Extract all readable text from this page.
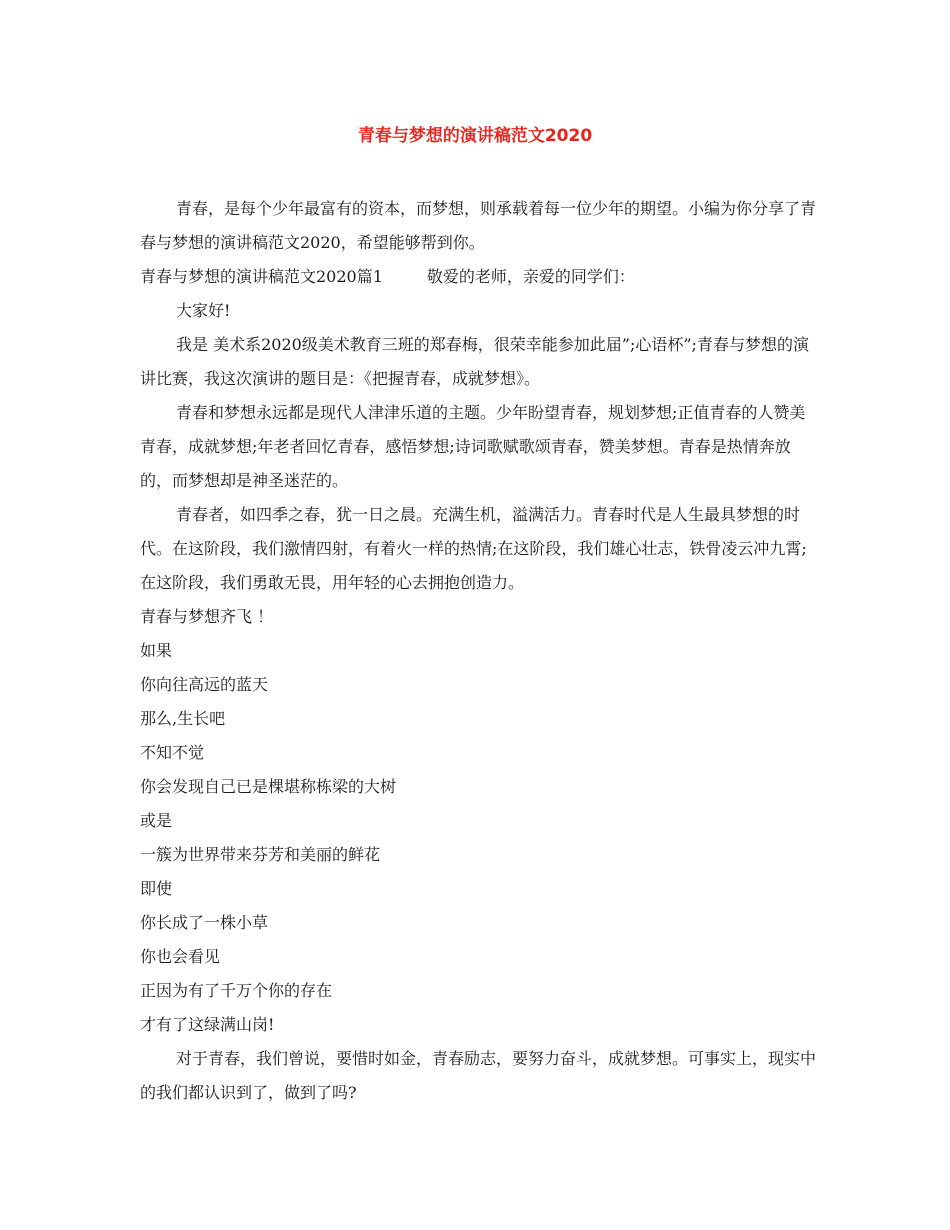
青春与梦想的演讲稿范文2020

青春，是每个少年最富有的资本，而梦想，则承载着每一位少年的期望。小编为你分享了青春与梦想的演讲稿范文2020，希望能够帮到你。

青春与梦想的演讲稿范文2020篇1	敬爱的老师，亲爱的同学们：

大家好!

我是 美术系2020级美术教育三班的郑春梅，很荣幸能参加此届”;心语杯”;青春与梦想的演讲比赛，我这次演讲的题目是：《把握青春，成就梦想》。

青春和梦想永远都是现代人津津乐道的主题。少年盼望青春，规划梦想;正值青春的人赞美青春，成就梦想;年老者回忆青春，感悟梦想;诗词歌赋歌颂青春，赞美梦想。青春是热情奔放的，而梦想却是神圣迷茫的。

青春者，如四季之春，犹一日之晨。充满生机，溢满活力。青春时代是人生最具梦想的时代。在这阶段，我们激情四射，有着火一样的热情;在这阶段，我们雄心壮志，铁骨凌云冲九霄;在这阶段，我们勇敢无畏，用年轻的心去拥抱创造力。

青春与梦想齐飞 ！

如果

你向往高远的蓝天

那么,生长吧

不知不觉

你会发现自己已是棵堪称栋梁的大树

或是

一簇为世界带来芬芳和美丽的鲜花

即使

你长成了一株小草

你也会看见

正因为有了千万个你的存在

才有了这绿满山岗!

对于青春，我们曾说，要惜时如金，青春励志，要努力奋斗，成就梦想。可事实上，现实中的我们都认识到了，做到了吗?
